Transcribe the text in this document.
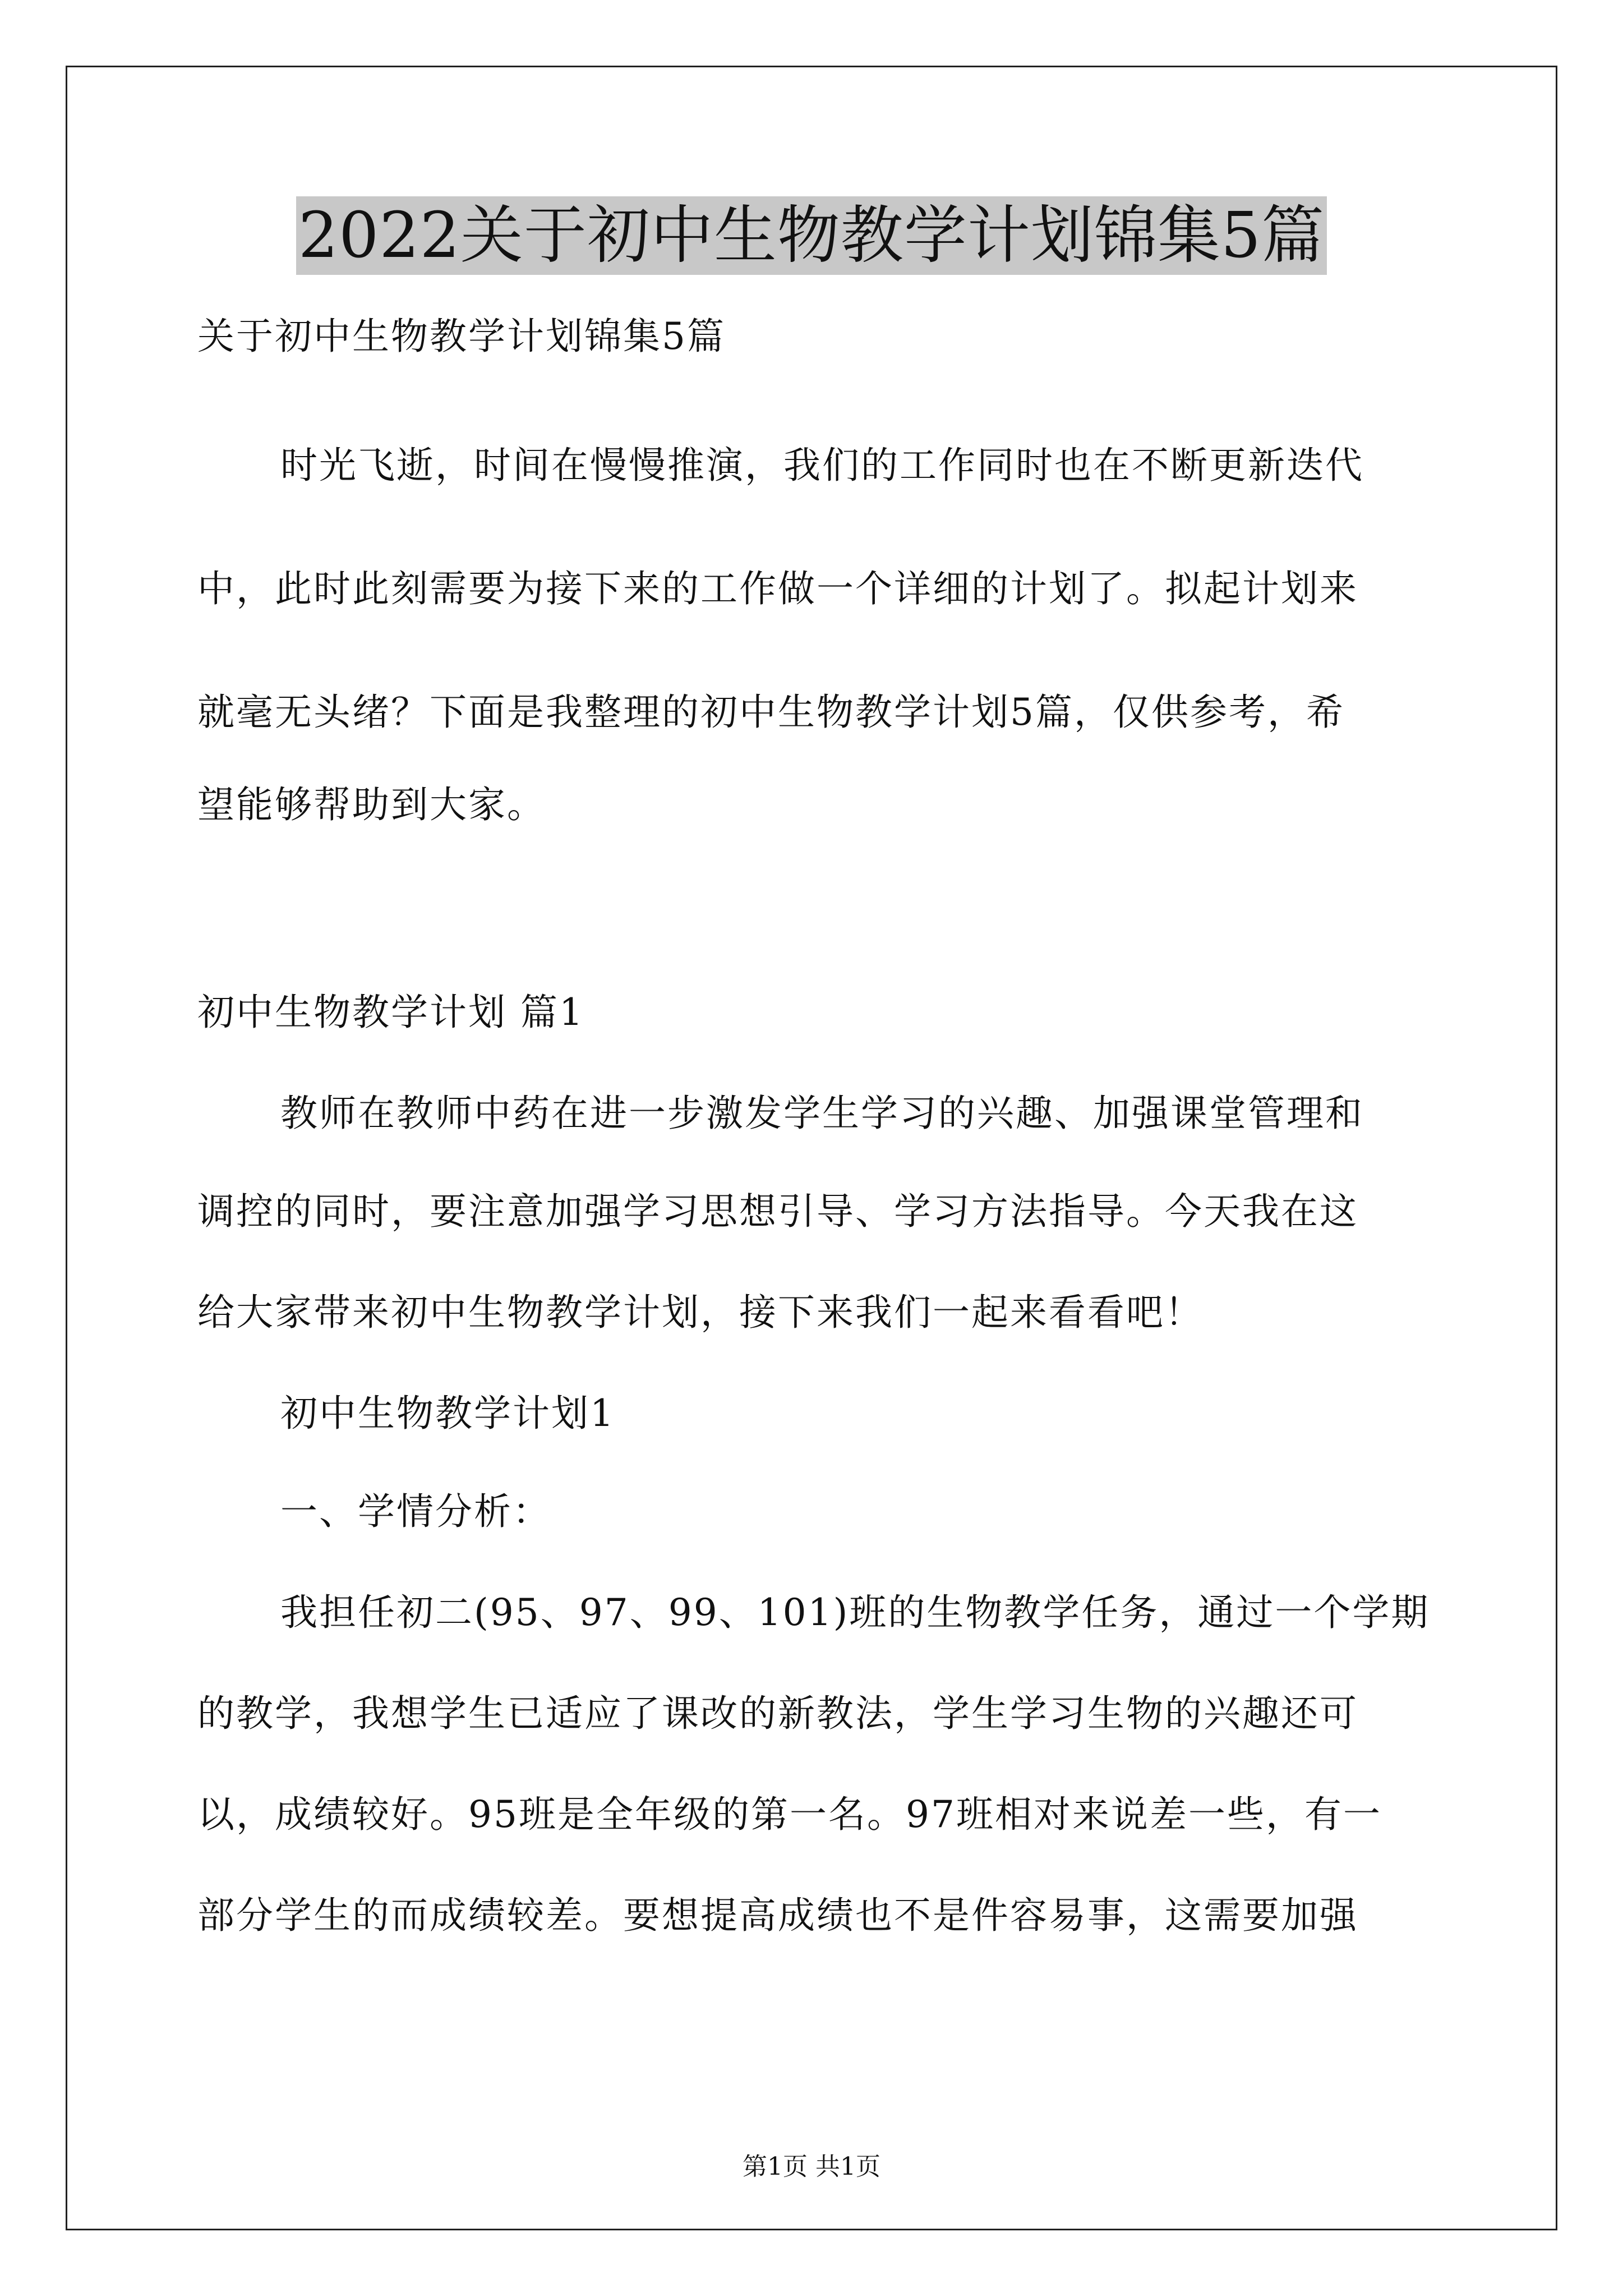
2022关于初中生物教学计划锦集5篇
关于初中生物教学计划锦集5篇
时光飞逝，时间在慢慢推演，我们的工作同时也在不断更新迭代
中，此时此刻需要为接下来的工作做一个详细的计划了。拟起计划来
就毫无头绪？下面是我整理的初中生物教学计划5篇，仅供参考，希
望能够帮助到大家。
初中生物教学计划 篇1
教师在教师中药在进一步激发学生学习的兴趣、加强课堂管理和
调控的同时，要注意加强学习思想引导、学习方法指导。今天我在这
给大家带来初中生物教学计划，接下来我们一起来看看吧！
初中生物教学计划1
一、学情分析：
我担任初二(95、97、99、101)班的生物教学任务，通过一个学期
的教学，我想学生已适应了课改的新教法，学生学习生物的兴趣还可
以，成绩较好。95班是全年级的第一名。97班相对来说差一些，有一
部分学生的而成绩较差。要想提高成绩也不是件容易事，这需要加强
第1页 共1页
